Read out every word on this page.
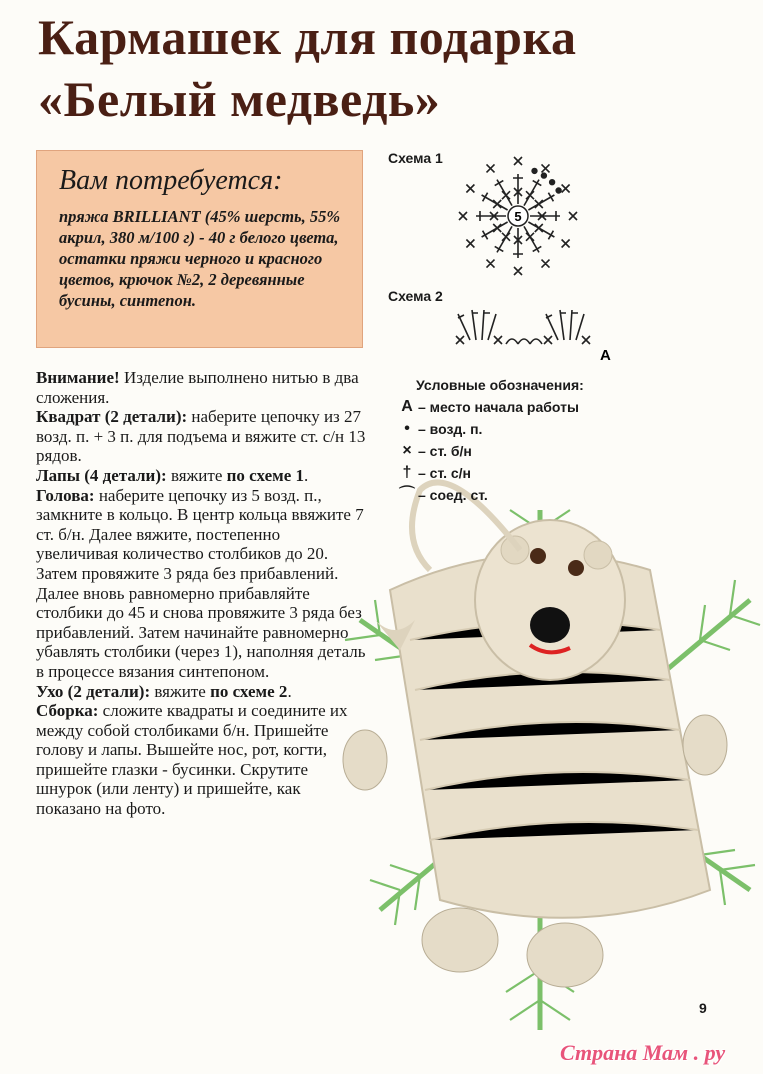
Кармашек для подарка
«Белый медведь»
Вам потребуется:
пряжа BRILLIANT (45% шерсть, 55% акрил, 380 м/100 г) - 40 г белого цвета, остатки пряжи черного и красного цветов, крючок №2, 2 деревянные бусины, синтепон.

Внимание! Изделие выполнено нитью в два сложения.

Квадрат (2 детали): наберите цепочку из 27 возд. п. + 3 п. для подъема и вяжите ст. с/н 13 рядов.

Лапы (4 детали): вяжите по схеме 1.

Голова: наберите цепочку из 5 возд. п., замкните в кольцо. В центр кольца ввяжите 7 ст. б/н. Далее вяжите, постепенно увеличивая количество столбиков до 20. Затем провяжите 3 ряда без прибавлений. Далее вновь равномерно прибавляйте столбики до 45 и снова провяжите 3 ряда без прибавлений. Затем начинайте равномерно убавлять столбики (через 1), наполняя деталь в процессе вязания синтепоном.

Ухо (2 детали): вяжите по схеме 2.

Сборка: сложите квадраты и соедините их между собой столбиками б/н. Пришейте голову и лапы. Вышейте нос, рот, когти, пришейте глазки - бусинки. Скрутите шнурок (или ленту) и пришейте, как показано на фото.

Схема 1
5
Схема 2
A
Условные обозначения:
A – место начала работы
• – возд. п.
× – ст. б/н
† – ст. с/н
⌒ – соед. ст.
9
Страна Мам . ру
